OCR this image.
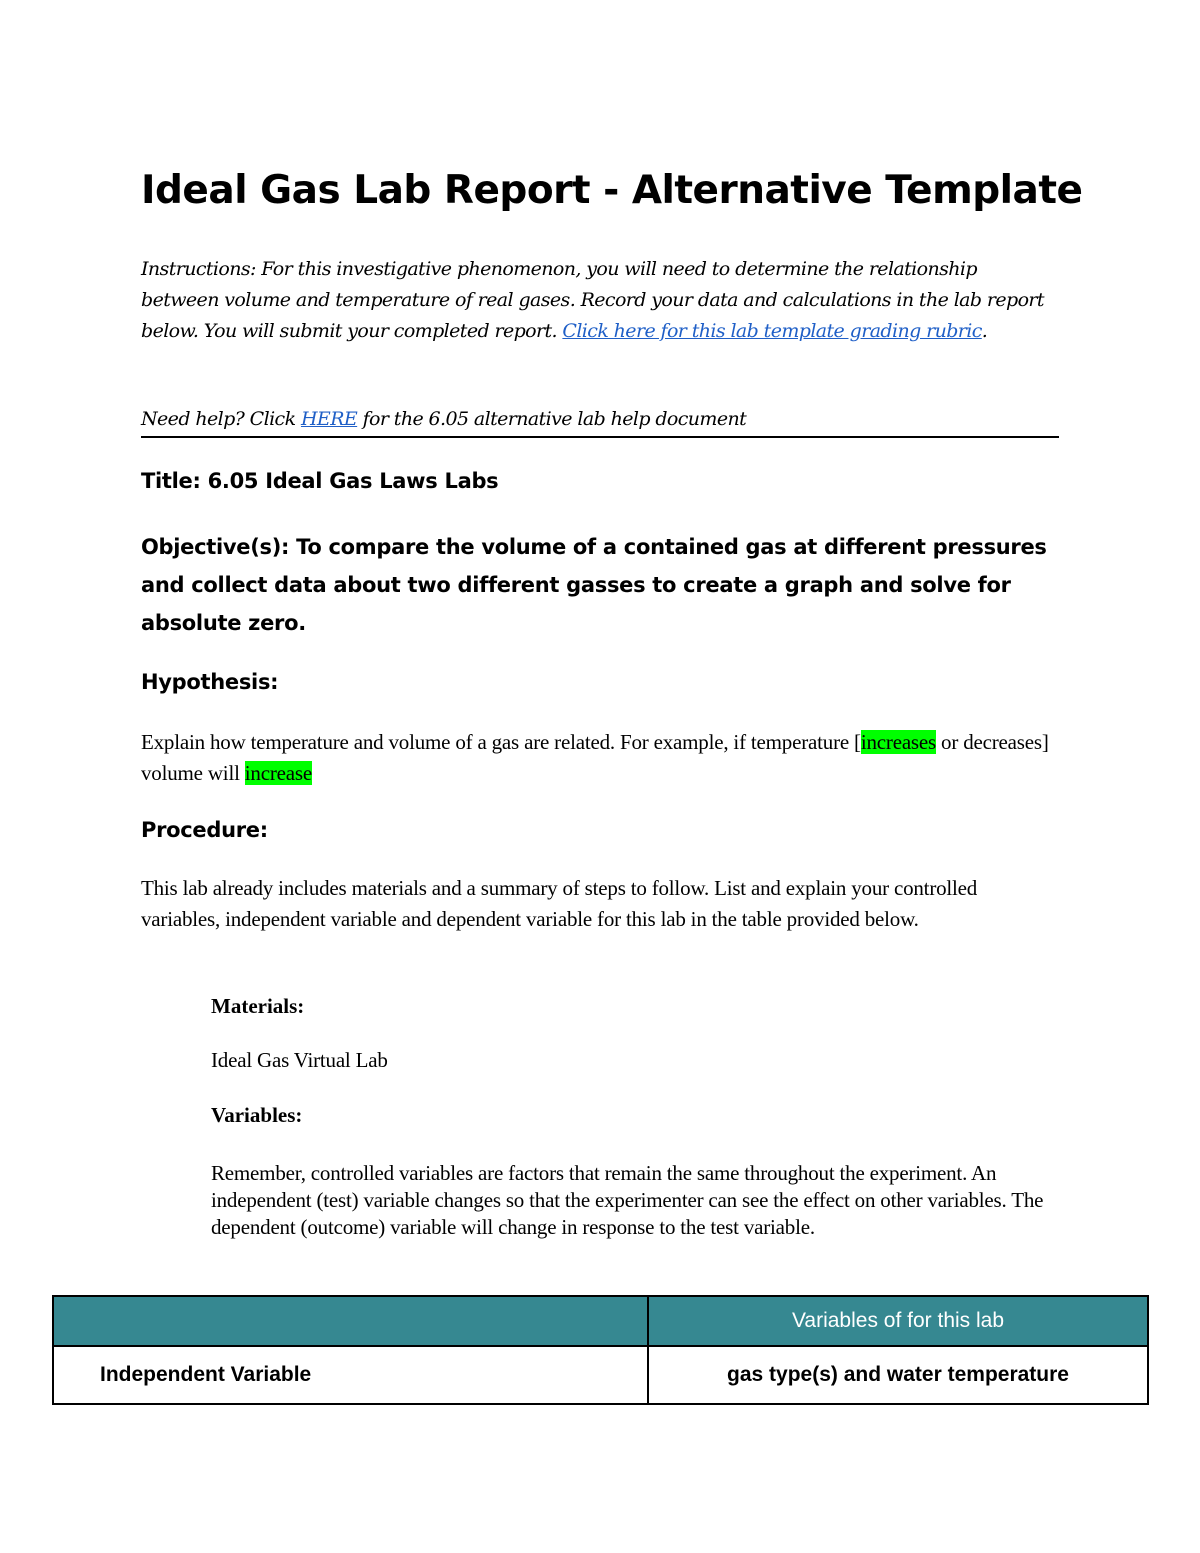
Ideal Gas Lab Report - Alternative Template

Instructions: For this investigative phenomenon, you will need to determine the relationship between volume and temperature of real gases. Record your data and calculations in the lab report below. You will submit your completed report. Click here for this lab template grading rubric.

Need help? Click HERE for the 6.05 alternative lab help document

Title: 6.05 Ideal Gas Laws Labs

Objective(s): To compare the volume of a contained gas at different pressures and collect data about two different gasses to create a graph and solve for absolute zero.

Hypothesis:

Explain how temperature and volume of a gas are related. For example, if temperature [increases or decreases] volume will increase

Procedure:

This lab already includes materials and a summary of steps to follow. List and explain your controlled variables, independent variable and dependent variable for this lab in the table provided below.

Materials:

Ideal Gas Virtual Lab

Variables:

Remember, controlled variables are factors that remain the same throughout the experiment. An independent (test) variable changes so that the experimenter can see the effect on other variables. The dependent (outcome) variable will change in response to the test variable.

	Variables of for this lab
Independent Variable	gas type(s) and water temperature
